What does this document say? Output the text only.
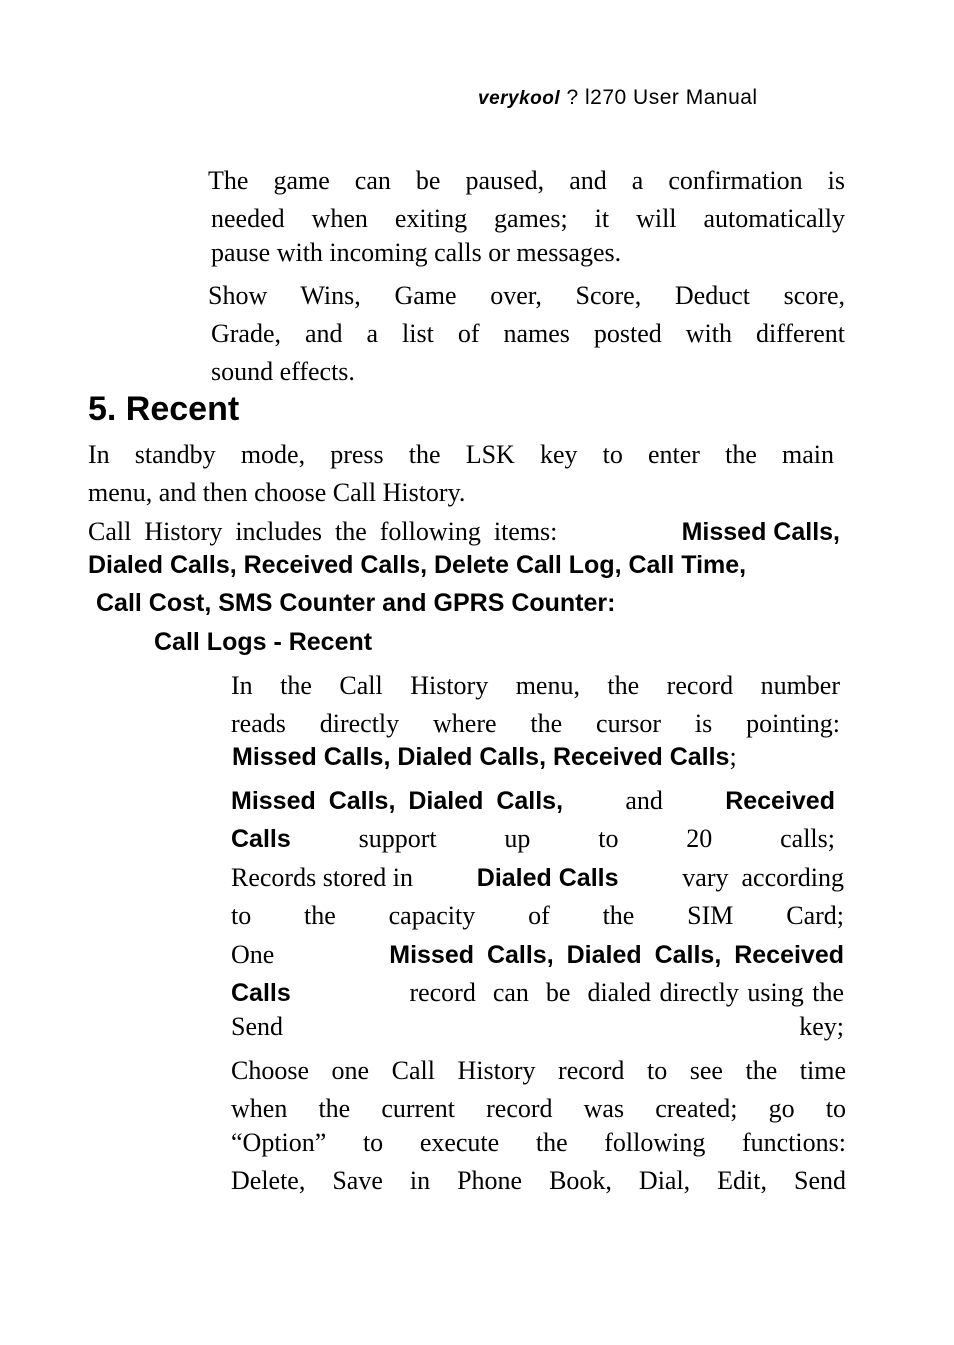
verykool ? l270 User Manual
The game can be paused, and a confirmation is
needed when exiting games; it will automatically
pause with incoming calls or messages.
Show Wins, Game over, Score, Deduct score,
Grade, and a list of names posted with different
sound effects.
5. Recent
In standby mode, press the LSK key to enter the main
menu, and then choose Call History.
Call  History  includes  the  following  items:	Missed Calls,

Dialed Calls, Received Calls, Delete Call Log, Call Time,

Call Cost, SMS Counter and GPRS Counter:

Call Logs - Recent
In the Call History menu, the record number
reads directly where the cursor is pointing:

Missed Calls, Dialed Calls, Received Calls;

Missed Calls, Dialed Calls, and Received
Calls support up to 20 calls;
Records stored in Dialed Calls vary  according
to the capacity of the SIM Card;
One	Missed Calls, Dialed Calls, Received
Calls	record  can  be  dialed directly using the
Send key;
Choose one Call History record to see the time
when the current record was created; go to
“Option” to execute the following functions:
Delete, Save in Phone Book, Dial, Edit, Send
